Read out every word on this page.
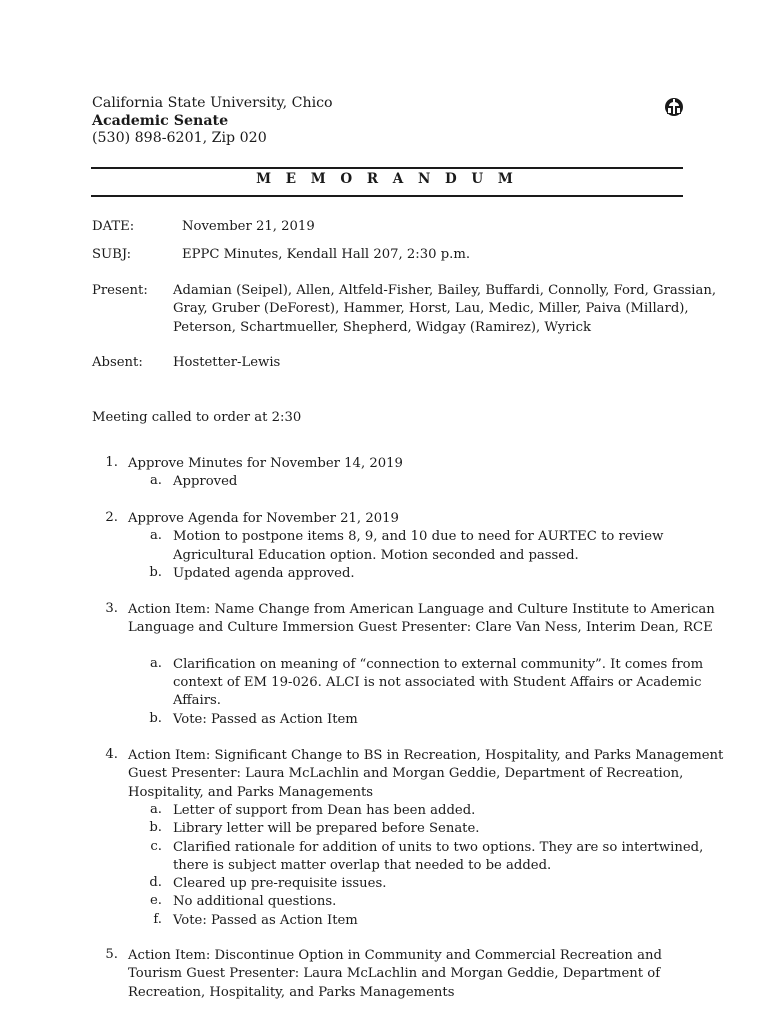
California State University, Chico
Academic Senate
(530) 898-6201, Zip 020
M E M O R A N D U M
DATE:	November 21, 2019
SUBJ:	EPPC Minutes, Kendall Hall 207, 2:30 p.m.
Present: Adamian (Seipel), Allen, Altfeld-Fisher, Bailey, Buffardi, Connolly, Ford, Grassian,
Gray, Gruber (DeForest), Hammer, Horst, Lau, Medic, Miller, Paiva (Millard),
Peterson, Schartmueller, Shepherd, Widgay (Ramirez), Wyrick
Absent: Hostetter-Lewis
Meeting called to order at 2:30
1. Approve Minutes for November 14, 2019
a. Approved
2. Approve Agenda for November 21, 2019
a. Motion to postpone items 8, 9, and 10 due to need for AURTEC to review
Agricultural Education option. Motion seconded and passed.
b. Updated agenda approved.
3. Action Item: Name Change from American Language and Culture Institute to American
Language and Culture Immersion Guest Presenter: Clare Van Ness, Interim Dean, RCE
a. Clarification on meaning of “connection to external community”. It comes from
context of EM 19-026. ALCI is not associated with Student Affairs or Academic
Affairs.
b. Vote: Passed as Action Item
4. Action Item: Significant Change to BS in Recreation, Hospitality, and Parks Management
Guest Presenter: Laura McLachlin and Morgan Geddie, Department of Recreation,
Hospitality, and Parks Managements
a. Letter of support from Dean has been added.
b. Library letter will be prepared before Senate.
c. Clarified rationale for addition of units to two options. They are so intertwined,
there is subject matter overlap that needed to be added.
d. Cleared up pre-requisite issues.
e. No additional questions.
f. Vote: Passed as Action Item
5. Action Item: Discontinue Option in Community and Commercial Recreation and
Tourism Guest Presenter: Laura McLachlin and Morgan Geddie, Department of
Recreation, Hospitality, and Parks Managements
